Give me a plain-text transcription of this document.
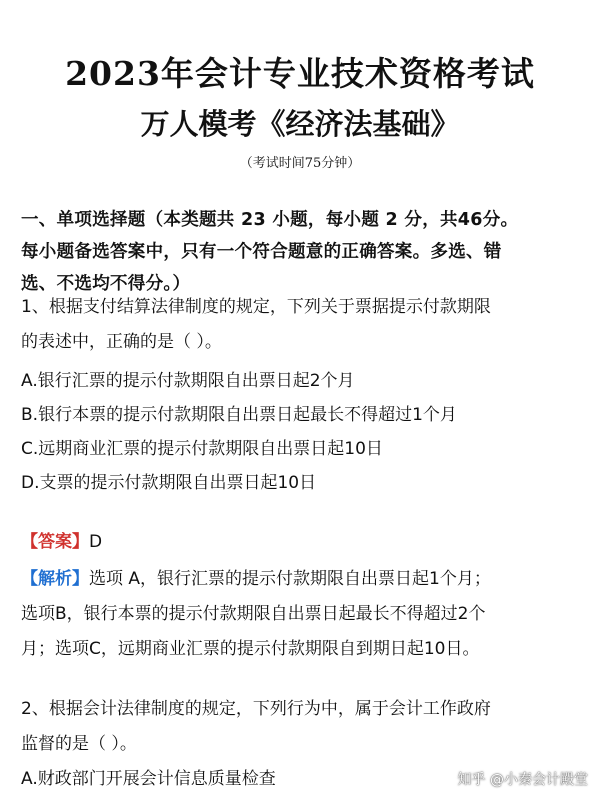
2023年会计专业技术资格考试
万人模考《经济法基础》
（考试时间75分钟）
一、单项选择题（本类题共 23 小题，每小题 2 分，共46分。
每小题备选答案中，只有一个符合题意的正确答案。多选、错
选、不选均不得分。）
1、根据支付结算法律制度的规定，下列关于票据提示付款期限
的表述中，正确的是（ ）。
A.银行汇票的提示付款期限自出票日起2个月
B.银行本票的提示付款期限自出票日起最长不得超过1个月
C.远期商业汇票的提示付款期限自出票日起10日
D.支票的提示付款期限自出票日起10日
【答案】D
【解析】选项 A，银行汇票的提示付款期限自出票日起1个月；
选项B，银行本票的提示付款期限自出票日起最长不得超过2个
月；选项C，远期商业汇票的提示付款期限自到期日起10日。
2、根据会计法律制度的规定，下列行为中，属于会计工作政府
监督的是（ ）。
A.财政部门开展会计信息质量检查	知乎 @小秦会计殿堂
